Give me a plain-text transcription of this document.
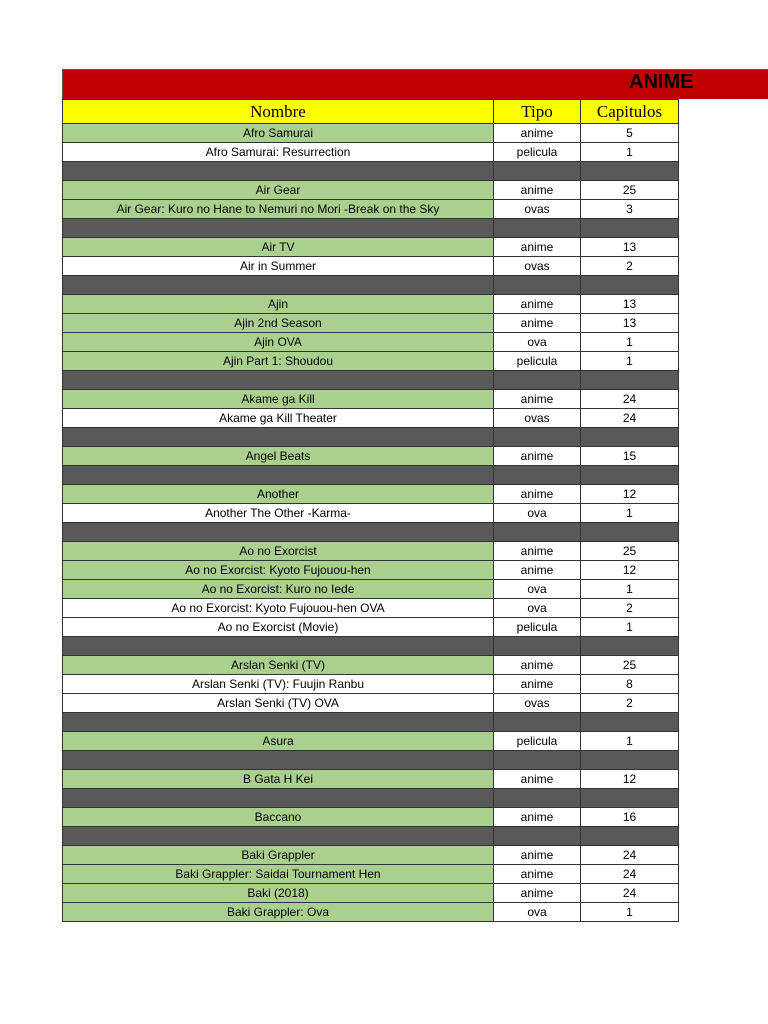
ANIME
Nombre	Tipo	Capitulos
Afro Samurai	anime	5
Afro Samurai: Resurrection	pelicula	1

Air Gear	anime	25
Air Gear: Kuro no Hane to Nemuri no Mori -Break on the Sky	ovas	3

Air TV	anime	13
Air in Summer	ovas	2

Ajin	anime	13
Ajin 2nd Season	anime	13
Ajin OVA	ova	1
Ajin Part 1: Shoudou	pelicula	1

Akame ga Kill	anime	24
Akame ga Kill Theater	ovas	24

Angel Beats	anime	15

Another	anime	12
Another The Other -Karma-	ova	1

Ao no Exorcist	anime	25
Ao no Exorcist: Kyoto Fujouou-hen	anime	12
Ao no Exorcist: Kuro no Iede	ova	1
Ao no Exorcist: Kyoto Fujouou-hen OVA	ova	2
Ao no Exorcist (Movie)	pelicula	1

Arslan Senki (TV)	anime	25
Arslan Senki (TV): Fuujin Ranbu	anime	8
Arslan Senki (TV) OVA	ovas	2

Asura	pelicula	1

B Gata H Kei	anime	12

Baccano	anime	16

Baki Grappler	anime	24
Baki Grappler: Saidai Tournament Hen	anime	24
Baki (2018)	anime	24
Baki Grappler: Ova	ova	1
